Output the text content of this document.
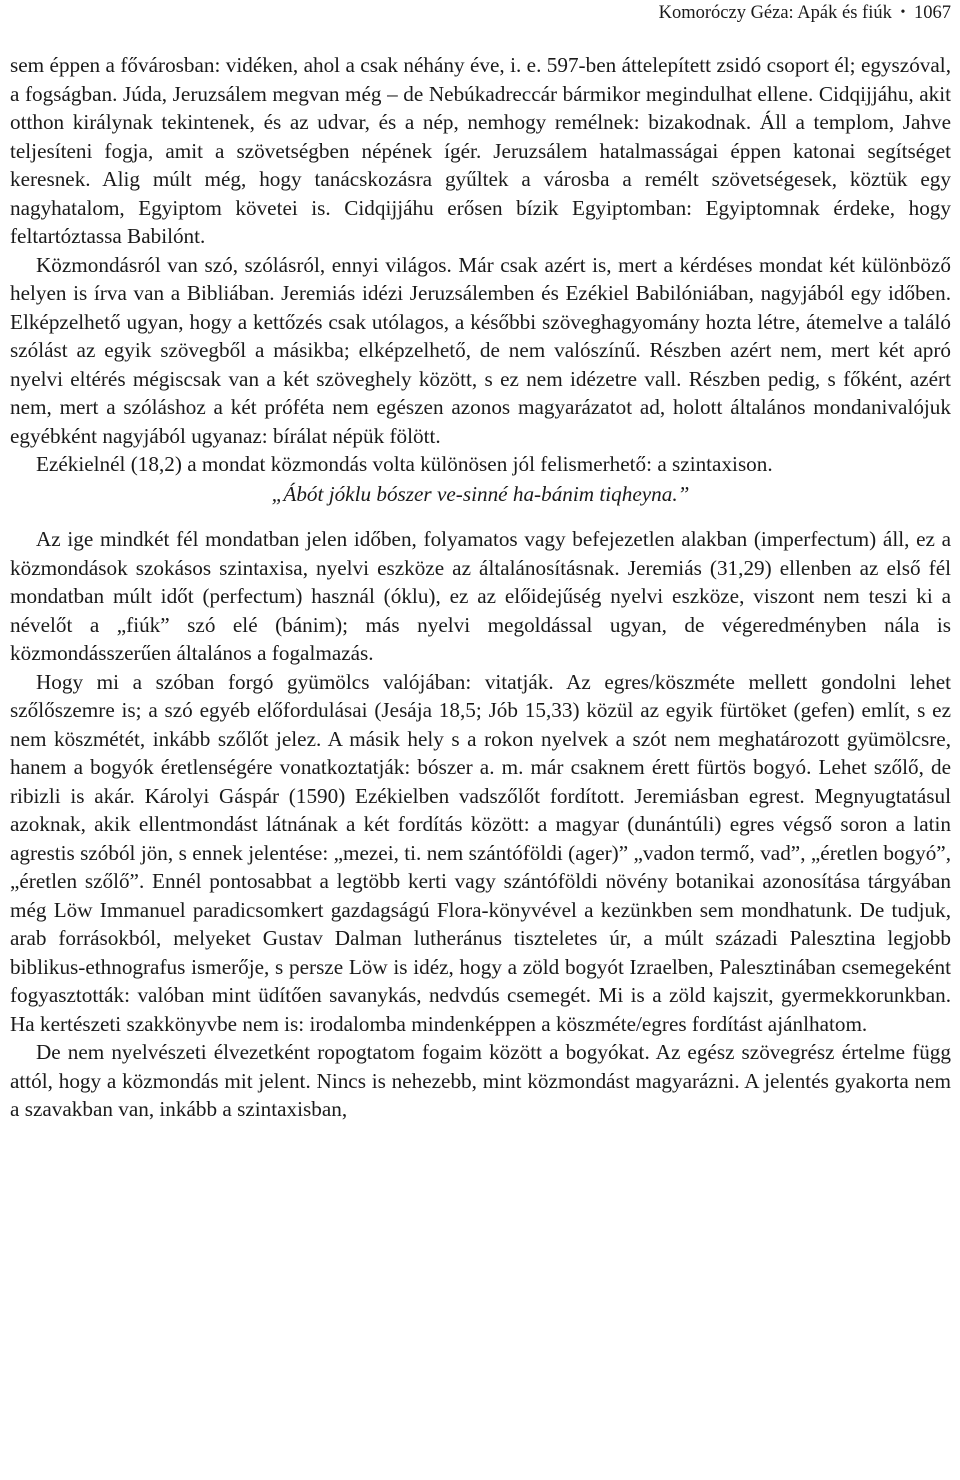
Komoróczy Géza: Apák és fiúk • 1067

sem éppen a fővárosban: vidéken, ahol a csak néhány éve, i. e. 597-ben áttelepített zsidó csoport él; egyszóval, a fogságban. Júda, Jeruzsálem megvan még – de Nebúkadreccár bármikor megindulhat ellene. Cidqijjáhu, akit otthon királynak tekintenek, és az udvar, és a nép, nemhogy remélnek: bizakodnak. Áll a templom, Jahve teljesíteni fogja, amit a szövetségben népének ígér. Jeruzsálem hatalmasságai éppen katonai segítséget keresnek. Alig múlt még, hogy tanácskozásra gyűltek a városba a remélt szövetségesek, köztük egy nagyhatalom, Egyiptom követei is. Cidqijjáhu erősen bízik Egyiptomban: Egyiptomnak érdeke, hogy feltartóztassa Babilónt.

Közmondásról van szó, szólásról, ennyi világos. Már csak azért is, mert a kérdéses mondat két különböző helyen is írva van a Bibliában. Jeremiás idézi Jeruzsálemben és Ezékiel Babilóniában, nagyjából egy időben. Elképzelhető ugyan, hogy a kettőzés csak utólagos, a későbbi szöveghagyomány hozta létre, átemelve a találó szólást az egyik szövegből a másikba; elképzelhető, de nem valószínű. Részben azért nem, mert két apró nyelvi eltérés mégiscsak van a két szöveghely között, s ez nem idézetre vall. Részben pedig, s főként, azért nem, mert a szóláshoz a két próféta nem egészen azonos magyarázatot ad, holott általános mondanivalójuk egyébként nagyjából ugyanaz: bírálat népük fölött.

Ezékielnél (18,2) a mondat közmondás volta különösen jól felismerhető: a szintaxison.

„Ábót jóklu bószer ve-sinné ha-bánim tiqheyna.”

Az ige mindkét fél mondatban jelen időben, folyamatos vagy befejezetlen alakban (imperfectum) áll, ez a közmondások szokásos szintaxisa, nyelvi eszköze az általánosításnak. Jeremiás (31,29) ellenben az első fél mondatban múlt időt (perfectum) használ (óklu), ez az előidejűség nyelvi eszköze, viszont nem teszi ki a névelőt a „fiúk” szó elé (bánim); más nyelvi megoldással ugyan, de végeredményben nála is közmondásszerűen általános a fogalmazás.

Hogy mi a szóban forgó gyümölcs valójában: vitatják. Az egres/köszméte mellett gondolni lehet szőlőszemre is; a szó egyéb előfordulásai (Jesája 18,5; Jób 15,33) közül az egyik fürtöket (gefen) említ, s ez nem köszmétét, inkább szőlőt jelez. A másik hely s a rokon nyelvek a szót nem meghatározott gyümölcsre, hanem a bogyók éretlenségére vonatkoztatják: bószer a. m. már csaknem érett fürtös bogyó. Lehet szőlő, de ribizli is akár. Károlyi Gáspár (1590) Ezékielben vadszőlőt fordított. Jeremiásban egrest. Megnyugtatásul azoknak, akik ellentmondást látnának a két fordítás között: a magyar (dunántúli) egres végső soron a latin agrestis szóból jön, s ennek jelentése: „mezei, ti. nem szántóföldi (ager)” „vadon termő, vad”, „éretlen bogyó”, „éretlen szőlő”. Ennél pontosabbat a legtöbb kerti vagy szántóföldi növény botanikai azonosítása tárgyában még Löw Immanuel paradicsomkert gazdagságú Flora-könyvével a kezünkben sem mondhatunk. De tudjuk, arab forrásokból, melyeket Gustav Dalman lutheránus tiszteletes úr, a múlt századi Palesztina legjobb biblikus-ethnografus ismerője, s persze Löw is idéz, hogy a zöld bogyót Izraelben, Palesztinában csemegeként fogyasztották: valóban mint üdítően savanykás, nedvdús csemegét. Mi is a zöld kajszit, gyermekkorunkban. Ha kertészeti szakkönyvbe nem is: irodalomba mindenképpen a köszméte/egres fordítást ajánlhatom.

De nem nyelvészeti élvezetként ropogtatom fogaim között a bogyókat. Az egész szövegrész értelme függ attól, hogy a közmondás mit jelent. Nincs is nehezebb, mint közmondást magyarázni. A jelentés gyakorta nem a szavakban van, inkább a szintaxisban,
